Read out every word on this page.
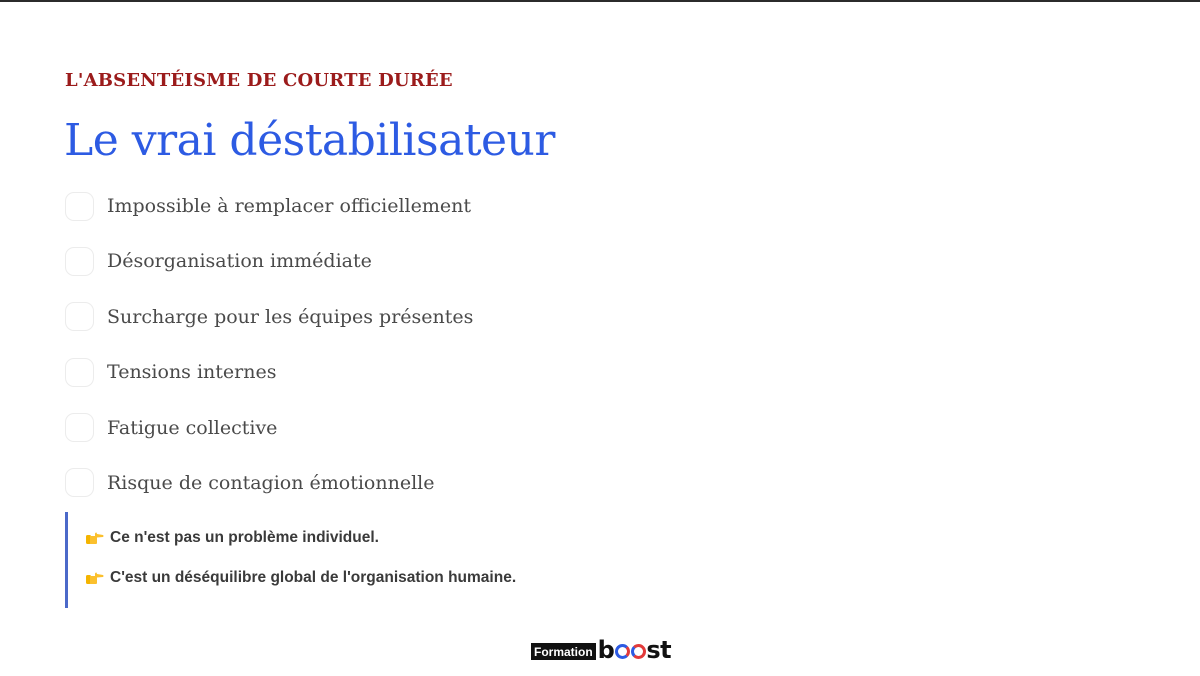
L'ABSENTÉISME DE COURTE DURÉE
Le vrai déstabilisateur
Impossible à remplacer officiellement
Désorganisation immédiate
Surcharge pour les équipes présentes
Tensions internes
Fatigue collective
Risque de contagion émotionnelle
Ce n'est pas un problème individuel.
C'est un déséquilibre global de l'organisation humaine.
Formation b st
